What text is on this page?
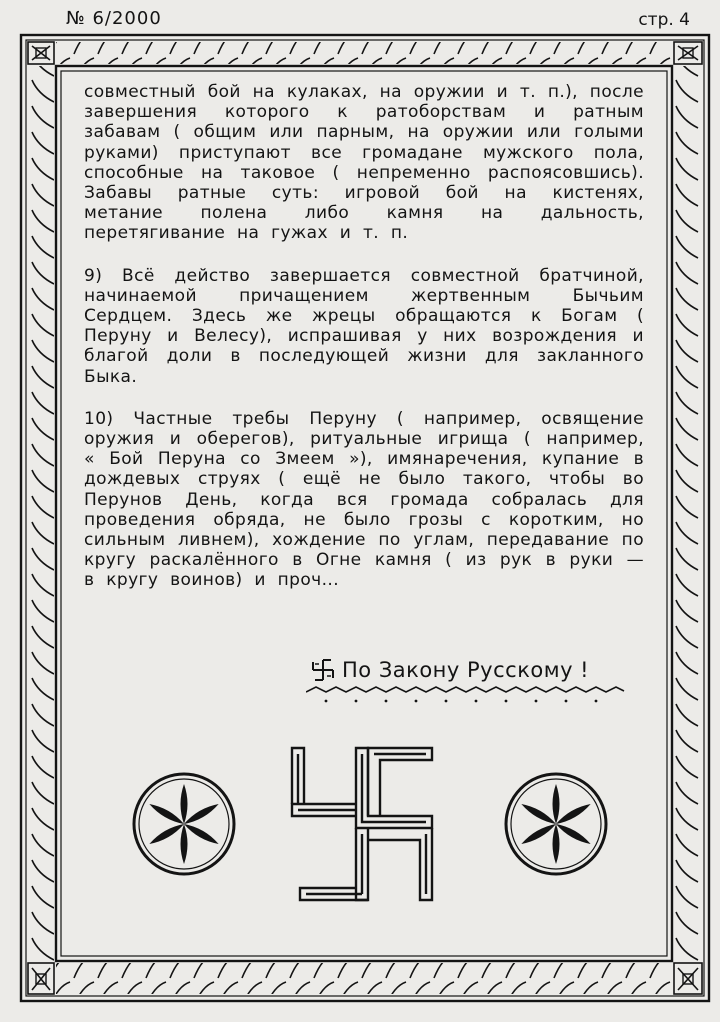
№ 6/2000	стр. 4

совместный бой на кулаках, на оружии и т. п.), после завершения которого к ратоборствам и ратным забавам ( общим или парным, на оружии или голыми руками) приступают все громадане мужского пола, способные на таковое ( непременно распоясовшись). Забавы ратные суть: игровой бой на кистенях, метание полена либо камня на дальность, перетягивание на гужах и т. п.

9) Всё действо завершается совместной братчиной, начинаемой причащением жертвенным Бычьим Сердцем. Здесь же жрецы обращаются к Богам ( Перуну и Велесу), испрашивая у них возрождения и благой доли в последующей жизни для закланного Быка.

10) Частные требы Перуну ( например, освящение оружия и оберегов), ритуальные игрища ( например, « Бой Перуна со Змеем »), имянаречения, купание в дождевых струях ( ещё не было такого, чтобы во Перунов День, когда вся громада собралась для проведения обряда, не было грозы с коротким, но сильным ливнем), хождение по углам, передавание по кругу раскалённого в Огне камня ( из рук в руки — в кругу воинов) и проч...

По Закону Русскому !
